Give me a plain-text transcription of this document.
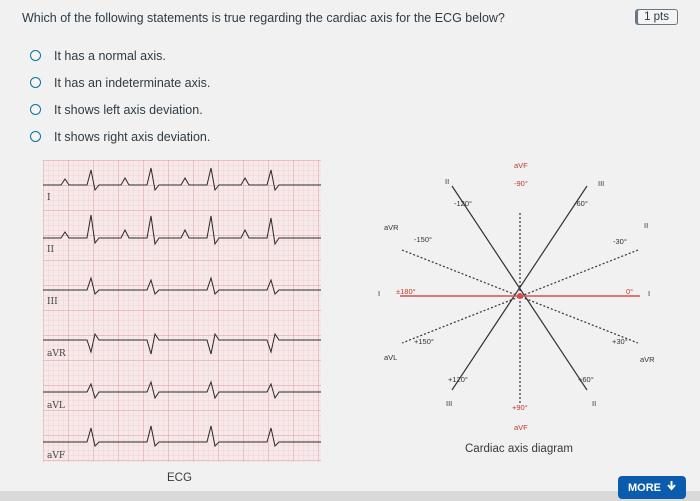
Which of the following statements is true regarding the cardiac axis for the ECG below?	1 pts
It has a normal axis.
It has an indeterminate axis.
It shows left axis deviation.
It shows right axis deviation.
I
II
III
aVR
aVL
aVF
ECG
aVF
-90°
II
-120°
III
-60°
aVR
-150°
II
-30°
I ±180°	0° I
+150°
aVL
+30°
aVR
+120°	+60°
III	+90°	II
aVF
Cardiac axis diagram
MORE
